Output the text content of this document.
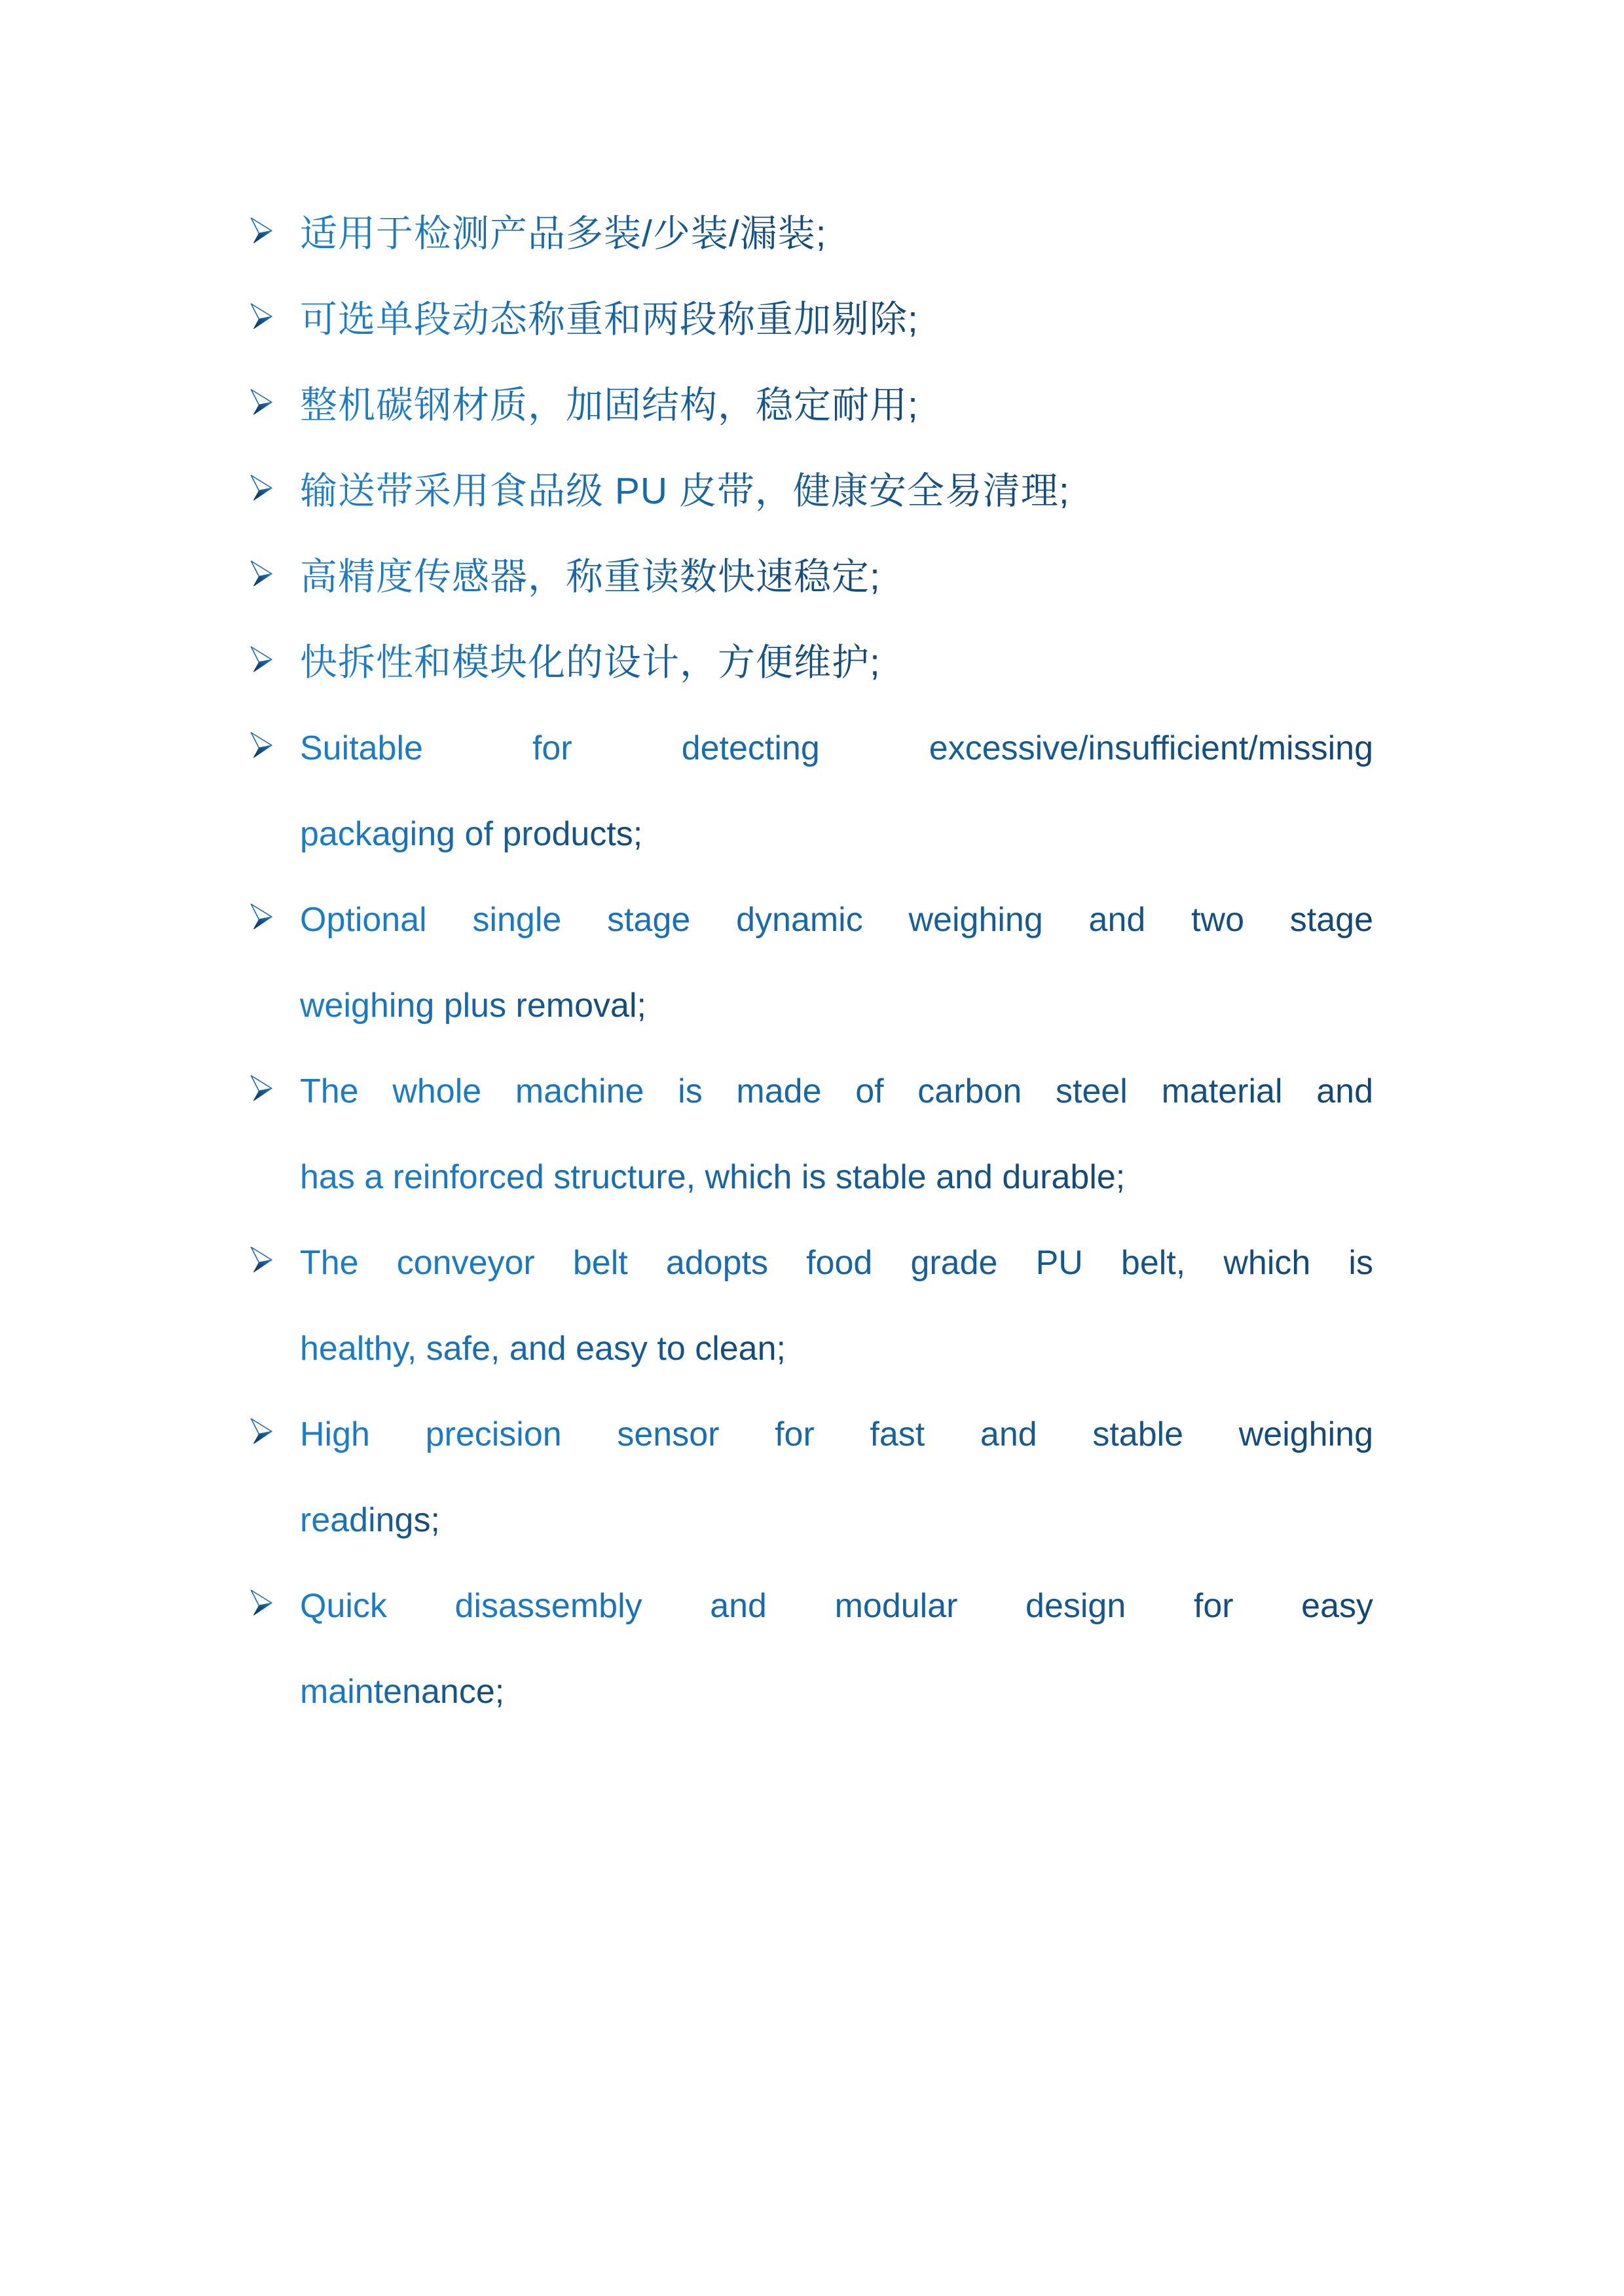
适用于检测产品多装/少装/漏装;
可选单段动态称重和两段称重加剔除;
整机碳钢材质，加固结构，稳定耐用;
输送带采用食品级 PU 皮带，健康安全易清理;
高精度传感器，称重读数快速稳定;
快拆性和模块化的设计，方便维护;
Suitable for detecting excessive/insufficient/missing
packaging of products;
Optional single stage dynamic weighing and two stage
weighing plus removal;
The whole machine is made of carbon steel material and
has a reinforced structure, which is stable and durable;
The conveyor belt adopts food grade PU belt, which is
healthy, safe, and easy to clean;
High precision sensor for fast and stable weighing
readings;
Quick disassembly and modular design for easy
maintenance;
